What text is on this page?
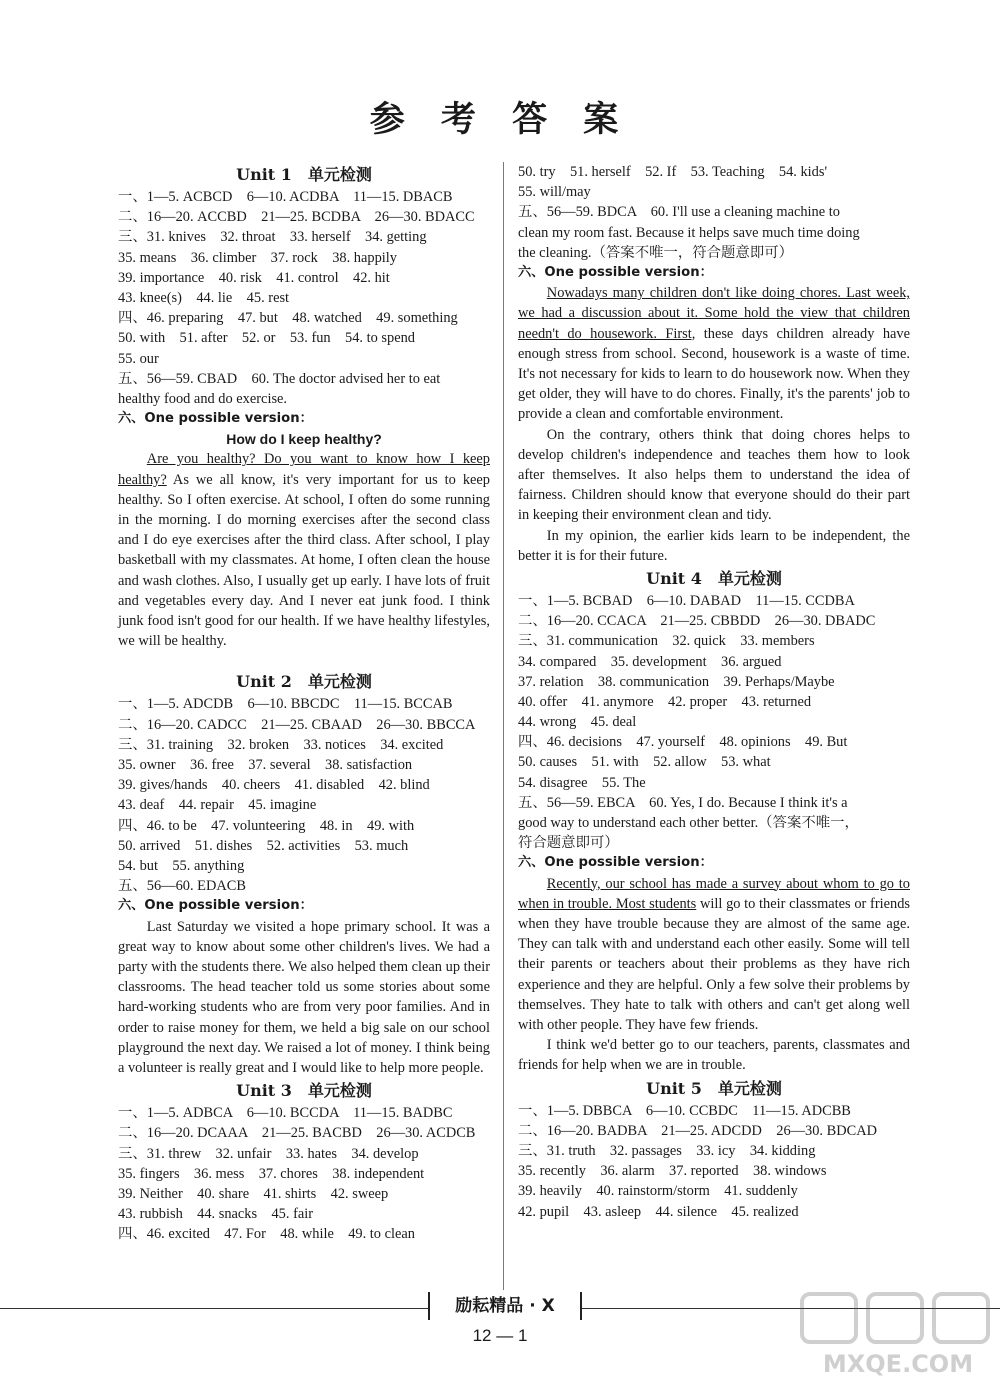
参 考 答 案
Unit 1　单元检测
一、1—5. ACBCD　6—10. ACDBA　11—15. DBACB
二、16—20. ACCBD　21—25. BCDBA　26—30. BDACC
三、31. knives　32. throat　33. herself　34. getting
35. means　36. climber　37. rock　38. happily
39. importance　40. risk　41. control　42. hit
43. knee(s)　44. lie　45. rest
四、46. preparing　47. but　48. watched　49. something
50. with　51. after　52. or　53. fun　54. to spend
55. our
五、56—59. CBAD　60. The doctor advised her to eat
healthy food and do exercise.
六、One possible version：
How do I keep healthy?

Are you healthy? Do you want to know how I keep healthy? As we all know, it's very important for us to keep healthy. So I often exercise. At school, I often do some running in the morning. I do morning exercises after the second class and I do eye exercises after the third class. After school, I play basketball with my classmates. At home, I often clean the house and wash clothes. Also, I usually get up early. I have lots of fruit and vegetables every day. And I never eat junk food. I think junk food isn't good for our health. If we have healthy lifestyles, we will be healthy.

Unit 2　单元检测
一、1—5. ADCDB　6—10. BBCDC　11—15. BCCAB
二、16—20. CADCC　21—25. CBAAD　26—30. BBCCA
三、31. training　32. broken　33. notices　34. excited
35. owner　36. free　37. several　38. satisfaction
39. gives/hands　40. cheers　41. disabled　42. blind
43. deaf　44. repair　45. imagine
四、46. to be　47. volunteering　48. in　49. with
50. arrived　51. dishes　52. activities　53. much
54. but　55. anything
五、56—60. EDACB
六、One possible version：

Last Saturday we visited a hope primary school. It was a great way to know about some other children's lives. We had a party with the students there. We also helped them clean up their classrooms. The head teacher told us some stories about some hard-working students who are from very poor families. And in order to raise money for them, we held a big sale on our school playground the next day. We raised a lot of money. I think being a volunteer is really great and I would like to help more people.

Unit 3　单元检测
一、1—5. ADBCA　6—10. BCCDA　11—15. BADBC
二、16—20. DCAAA　21—25. BACBD　26—30. ACDCB
三、31. threw　32. unfair　33. hates　34. develop
35. fingers　36. mess　37. chores　38. independent
39. Neither　40. share　41. shirts　42. sweep
43. rubbish　44. snacks　45. fair
四、46. excited　47. For　48. while　49. to clean
50. try　51. herself　52. If　53. Teaching　54. kids'
55. will/may
五、56—59. BDCA　60. I'll use a cleaning machine to
clean my room fast. Because it helps save much time doing
the cleaning.（答案不唯一，符合题意即可）
六、One possible version：

Nowadays many children don't like doing chores. Last week, we had a discussion about it. Some hold the view that children needn't do housework. First, these days children already have enough stress from school. Second, housework is a waste of time. It's not necessary for kids to learn to do housework now. When they get older, they will have to do chores. Finally, it's the parents' job to provide a clean and comfortable environment.

On the contrary, others think that doing chores helps to develop children's independence and teaches them how to look after themselves. It also helps them to understand the idea of fairness. Children should know that everyone should do their part in keeping their environment clean and tidy.

In my opinion, the earlier kids learn to be independent, the better it is for their future.

Unit 4　单元检测
一、1—5. BCBAD　6—10. DABAD　11—15. CCDBA
二、16—20. CCACA　21—25. CBBDD　26—30. DBADC
三、31. communication　32. quick　33. members
34. compared　35. development　36. argued
37. relation　38. communication　39. Perhaps/Maybe
40. offer　41. anymore　42. proper　43. returned
44. wrong　45. deal
四、46. decisions　47. yourself　48. opinions　49. But
50. causes　51. with　52. allow　53. what
54. disagree　55. The
五、56—59. EBCA　60. Yes, I do. Because I think it's a
good way to understand each other better.（答案不唯一，
符合题意即可）
六、One possible version：

Recently, our school has made a survey about whom to go to when in trouble. Most students will go to their classmates or friends when they have trouble because they are almost of the same age. They can talk with and understand each other easily. Some will tell their parents or teachers about their problems as they have rich experience and they are helpful. Only a few solve their problems by themselves. They hate to talk with others and can't get along well with other people. They have few friends.

I think we'd better go to our teachers, parents, classmates and friends for help when we are in trouble.

Unit 5　单元检测
一、1—5. DBBCA　6—10. CCBDC　11—15. ADCBB
二、16—20. BADBA　21—25. ADCDD　26—30. BDCAD
三、31. truth　32. passages　33. icy　34. kidding
35. recently　36. alarm　37. reported　38. windows
39. heavily　40. rainstorm/storm　41. suddenly
42. pupil　43. asleep　44. silence　45. realized
励耘精品 · X
12 — 1
MXQE.COM
